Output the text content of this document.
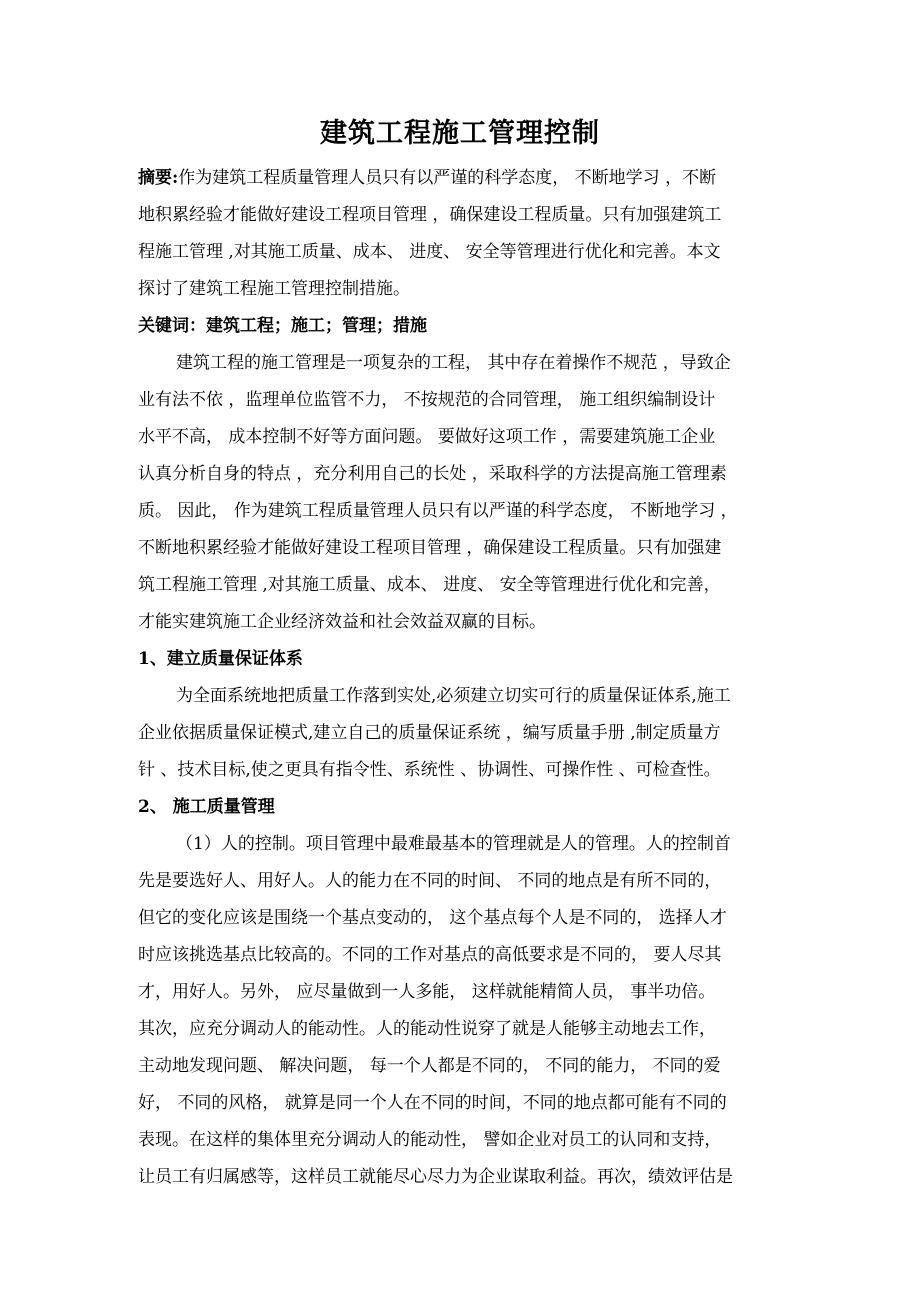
建筑工程施工管理控制
摘要:作为建筑工程质量管理人员只有以严谨的科学态度， 不断地学习 ，不断
地积累经验才能做好建设工程项目管理 ，确保建设工程质量。只有加强建筑工
程施工管理 ,对其施工质量、成本、 进度、 安全等管理进行优化和完善。本文
探讨了建筑工程施工管理控制措施。
关键词：建筑工程；施工；管理；措施
建筑工程的施工管理是一项复杂的工程， 其中存在着操作不规范 ，导致企
业有法不依 ，监理单位监管不力， 不按规范的合同管理， 施工组织编制设计
水平不高， 成本控制不好等方面问题。 要做好这项工作 ，需要建筑施工企业
认真分析自身的特点 ，充分利用自己的长处 ，采取科学的方法提高施工管理素
质。 因此， 作为建筑工程质量管理人员只有以严谨的科学态度， 不断地学习 ，
不断地积累经验才能做好建设工程项目管理 ，确保建设工程质量。只有加强建
筑工程施工管理 ,对其施工质量、成本、 进度、 安全等管理进行优化和完善，
才能实建筑施工企业经济效益和社会效益双赢的目标。
1、建立质量保证体系
为全面系统地把质量工作落到实处,必须建立切实可行的质量保证体系,施工
企业依据质量保证模式,建立自己的质量保证系统 ，编写质量手册 ,制定质量方
针 、技术目标,使之更具有指令性、系统性 、协调性、可操作性 、可检查性。
2、 施工质量管理
（1）人的控制。项目管理中最难最基本的管理就是人的管理。人的控制首
先是要选好人、用好人。人的能力在不同的时间、 不同的地点是有所不同的，
但它的变化应该是围绕一个基点变动的， 这个基点每个人是不同的， 选择人才
时应该挑选基点比较高的。不同的工作对基点的高低要求是不同的， 要人尽其
才，用好人。另外， 应尽量做到一人多能， 这样就能精简人员， 事半功倍。
其次，应充分调动人的能动性。人的能动性说穿了就是人能够主动地去工作，
主动地发现问题、 解决问题， 每一个人都是不同的， 不同的能力， 不同的爱
好， 不同的风格， 就算是同一个人在不同的时间，不同的地点都可能有不同的
表现。在这样的集体里充分调动人的能动性， 譬如企业对员工的认同和支持，
让员工有归属感等，这样员工就能尽心尽力为企业谋取利益。再次，绩效评估是
